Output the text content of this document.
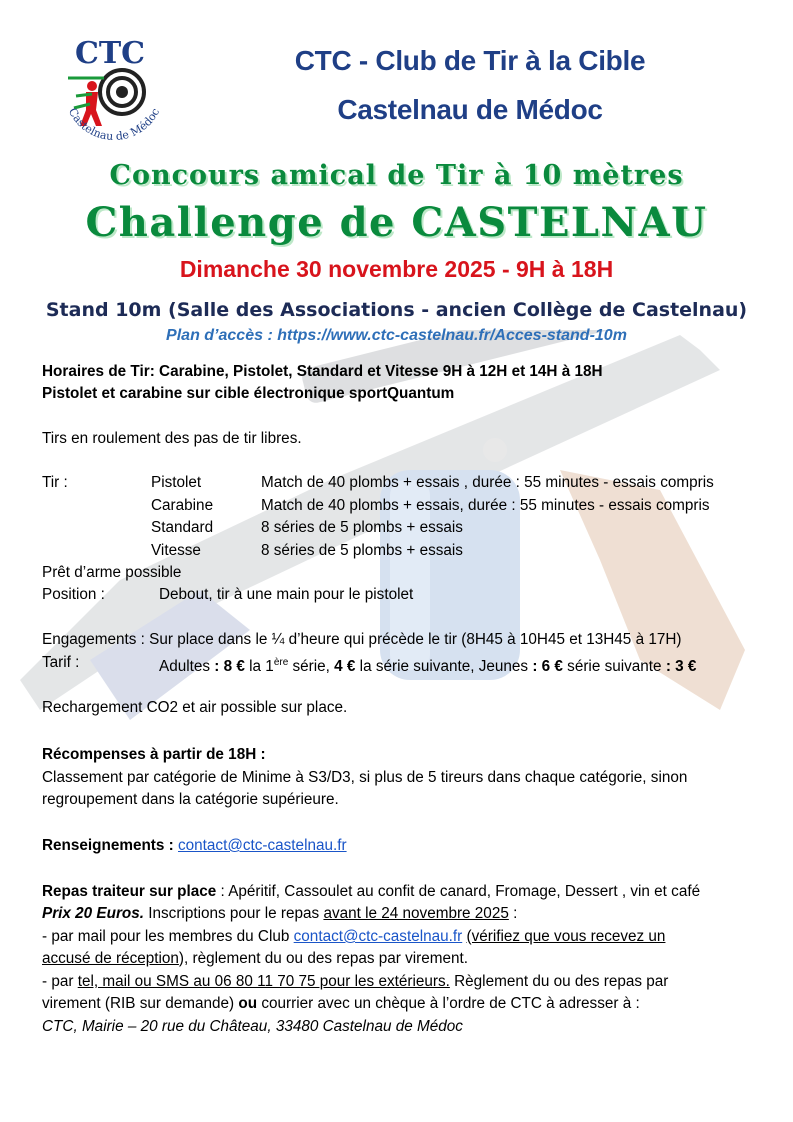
CTC
Castelnau de Médoc
CTC - Club de Tir à la Cible
Castelnau de Médoc
Concours amical de Tir à 10 mètres
Challenge de CASTELNAU
Dimanche 30 novembre 2025 - 9H à 18H
Stand 10m (Salle des Associations - ancien Collège de Castelnau)
Plan d’accès : https://www.ctc-castelnau.fr/Acces-stand-10m
Horaires de Tir: Carabine, Pistolet, Standard et Vitesse 9H à 12H et 14H à 18H
Pistolet et carabine sur cible électronique sportQuantum
Tirs en roulement des pas de tir libres.
Tir :	Pistolet	Match de 40 plombs + essais , durée : 55 minutes - essais compris
Carabine	Match de 40 plombs + essais, durée : 55 minutes - essais compris
Standard	8 séries de 5 plombs + essais
Vitesse	8 séries de 5 plombs + essais
Prêt d’arme possible
Position :	Debout, tir à une main pour le pistolet
Engagements : Sur place dans le ¼ d’heure qui précède le tir (8H45 à 10H45 et 13H45 à 17H)
Tarif :	Adultes : 8 € la 1ère série, 4 € la série suivante, Jeunes : 6 € série suivante : 3 €
Rechargement CO2 et air possible sur place.
Récompenses à partir de 18H :
Classement par catégorie de Minime à S3/D3, si plus de 5 tireurs dans chaque catégorie, sinon
regroupement dans la catégorie supérieure.
Renseignements : contact@ctc-castelnau.fr
Repas traiteur sur place : Apéritif, Cassoulet au confit de canard, Fromage, Dessert , vin et café
Prix 20 Euros. Inscriptions pour le repas avant le 24 novembre 2025 :
- par mail pour les membres du Club contact@ctc-castelnau.fr (vérifiez que vous recevez un
accusé de réception), règlement du ou des repas par virement.
- par tel, mail ou SMS au 06 80 11 70 75 pour les extérieurs. Règlement du ou des repas par
virement (RIB sur demande) ou courrier avec un chèque à l’ordre de CTC à adresser à :
CTC, Mairie – 20 rue du Château, 33480 Castelnau de Médoc
